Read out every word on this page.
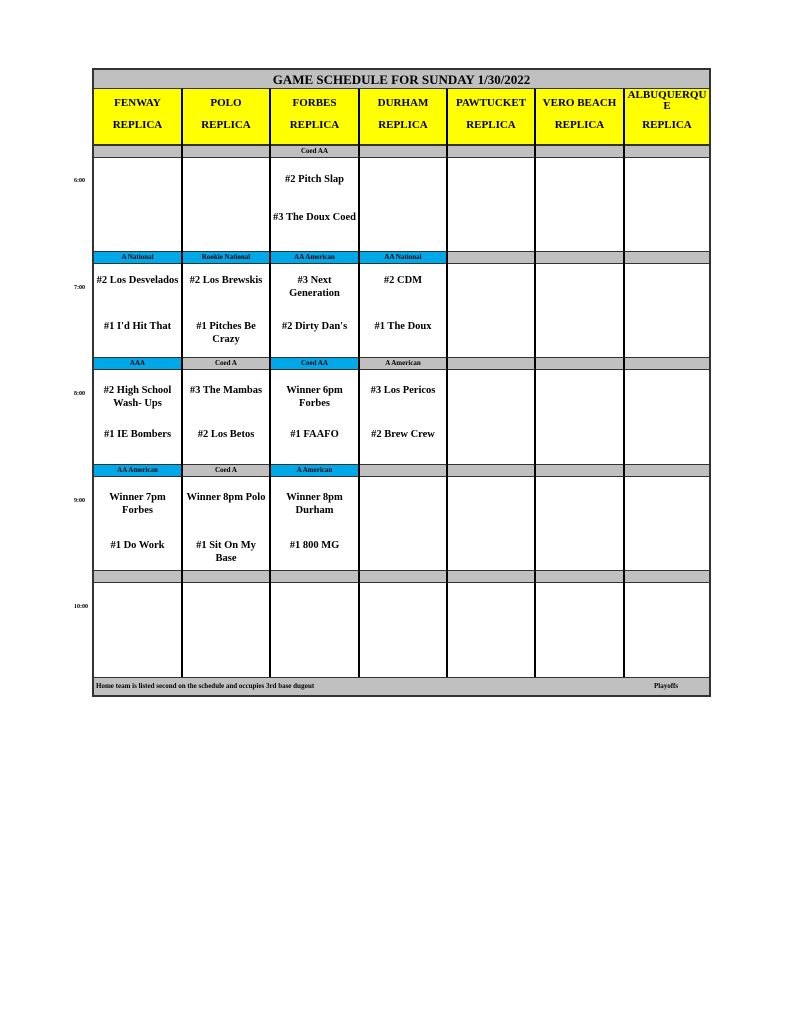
GAME SCHEDULE FOR SUNDAY 1/30/2022
FENWAY
REPLICA
A National
#2 Los Desvelados
#1 I'd Hit That
AAA
#2 High School Wash- Ups
#1 IE Bombers
AA American
Winner 7pm Forbes
#1 Do Work
POLO
REPLICA
Rookie National
#2 Los Brewskis
#1 Pitches Be Crazy
Coed A
#3 The Mambas
#2 Los Betos
Coed A
Winner 8pm Polo
#1 Sit On My Base
FORBES
REPLICA
Coed AA
#2 Pitch Slap
#3 The Doux Coed
AA American
#3 Next Generation
#2 Dirty Dan's
Coed AA
Winner 6pm Forbes
#1 FAAFO
A American
Winner 8pm Durham
#1 800 MG
DURHAM
REPLICA
AA National
#2 CDM
#1 The Doux
A American
#3 Los Pericos
#2 Brew Crew
PAWTUCKET
REPLICA
VERO BEACH
REPLICA
ALBUQUERQU E
REPLICA
Home team is listed second on the schedule and occupies 3rd base dugout	Playoffs
6:00
7:00
8:00
9:00
10:00
